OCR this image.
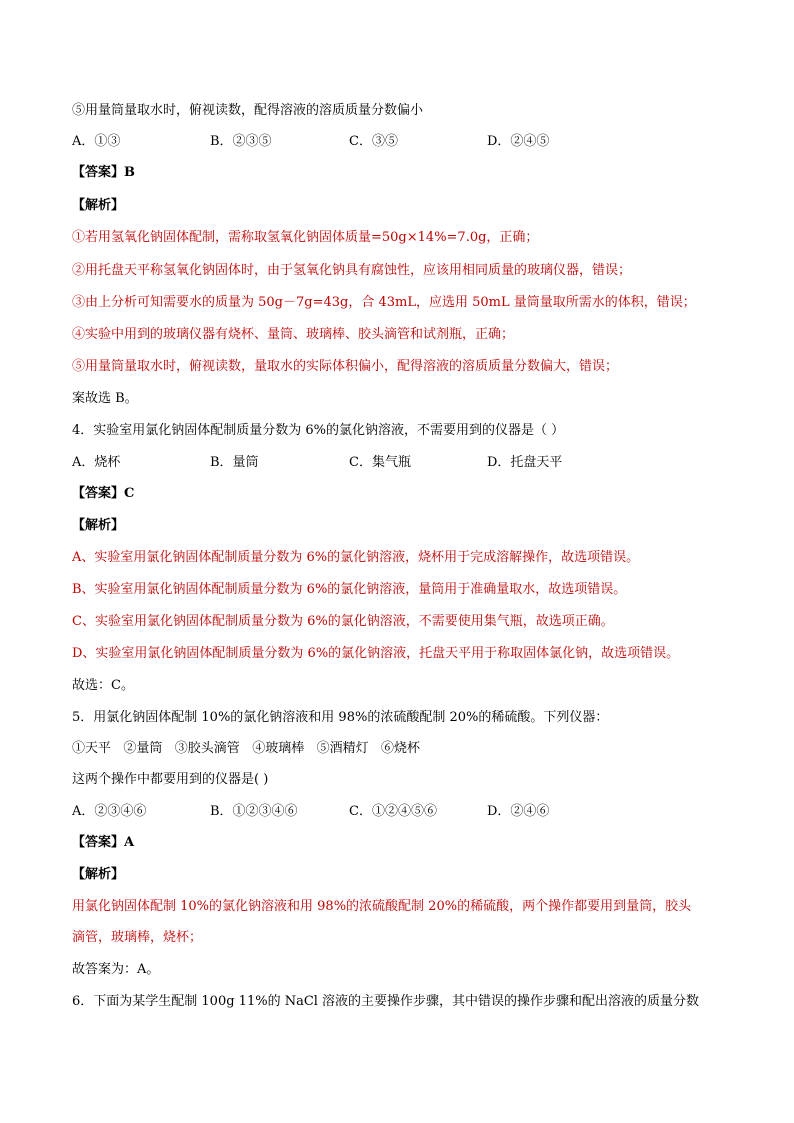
⑤用量筒量取水时，俯视读数，配得溶液的溶质质量分数偏小
A．①③	B．②③⑤	C．③⑤	D．②④⑤
【答案】B
【解析】
①若用氢氧化钠固体配制，需称取氢氧化钠固体质量=50g×14%=7.0g，正确；
②用托盘天平称氢氧化钠固体时，由于氢氧化钠具有腐蚀性，应该用相同质量的玻璃仪器，错误；
③由上分析可知需要水的质量为 50g－7g=43g，合 43mL，应选用 50mL 量筒量取所需水的体积，错误；
④实验中用到的玻璃仪器有烧杯、量筒、玻璃棒、胶头滴管和试剂瓶，正确；
⑤用量筒量取水时，俯视读数，量取水的实际体积偏小，配得溶液的溶质质量分数偏大，错误；
案故选 B。
4．实验室用氯化钠固体配制质量分数为 6%的氯化钠溶液，不需要用到的仪器是（ ）
A．烧杯	B．量筒	C．集气瓶	D．托盘天平
【答案】C
【解析】
A、实验室用氯化钠固体配制质量分数为 6%的氯化钠溶液，烧杯用于完成溶解操作，故选项错误。
B、实验室用氯化钠固体配制质量分数为 6%的氯化钠溶液，量筒用于准确量取水，故选项错误。
C、实验室用氯化钠固体配制质量分数为 6%的氯化钠溶液，不需要使用集气瓶，故选项正确。
D、实验室用氯化钠固体配制质量分数为 6%的氯化钠溶液，托盘天平用于称取固体氯化钠，故选项错误。
故选：C。
5．用氯化钠固体配制 10%的氯化钠溶液和用 98%的浓硫酸配制 20%的稀硫酸。下列仪器：
①天平   ②量筒   ③胶头滴管   ④玻璃棒   ⑤酒精灯   ⑥烧杯
这两个操作中都要用到的仪器是( )
A．②③④⑥	B．①②③④⑥	C．①②④⑤⑥	D．②④⑥
【答案】A
【解析】
用氯化钠固体配制 10%的氯化钠溶液和用 98%的浓硫酸配制 20%的稀硫酸，两个操作都要用到量筒，胶头
滴管，玻璃棒，烧杯；
故答案为：A。
6．下面为某学生配制 100g 11%的 NaCl 溶液的主要操作步骤，其中错误的操作步骤和配出溶液的质量分数
